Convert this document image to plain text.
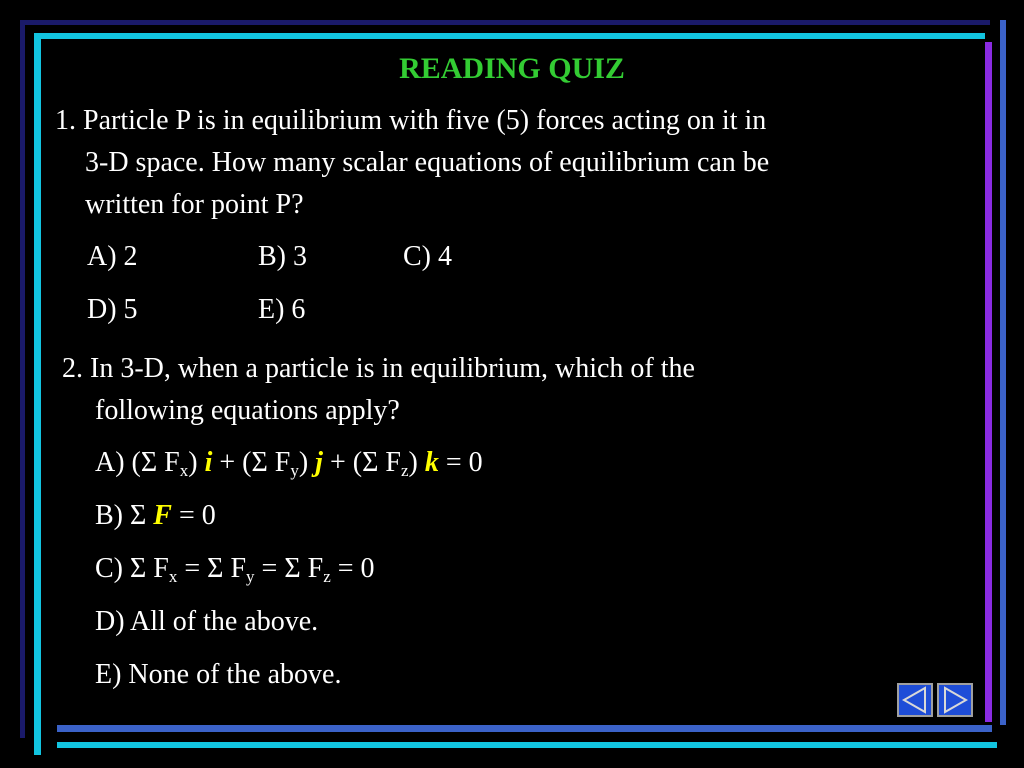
READING QUIZ
1. Particle P is in equilibrium with five (5) forces acting on it in
3-D space. How many scalar equations of equilibrium can be
written for point P?
A) 2	B) 3	C) 4
D) 5	E) 6
2. In 3-D, when a particle is in equilibrium, which of the
following equations apply?
A) (Σ $F_x$) i + (Σ $F_y$) j + (Σ $F_z$) k = 0
B) Σ F = 0
C) Σ $F_x = \Sigma$ $F_y = \Sigma$ $F_z = 0$
D) All of the above.
E) None of the above.
